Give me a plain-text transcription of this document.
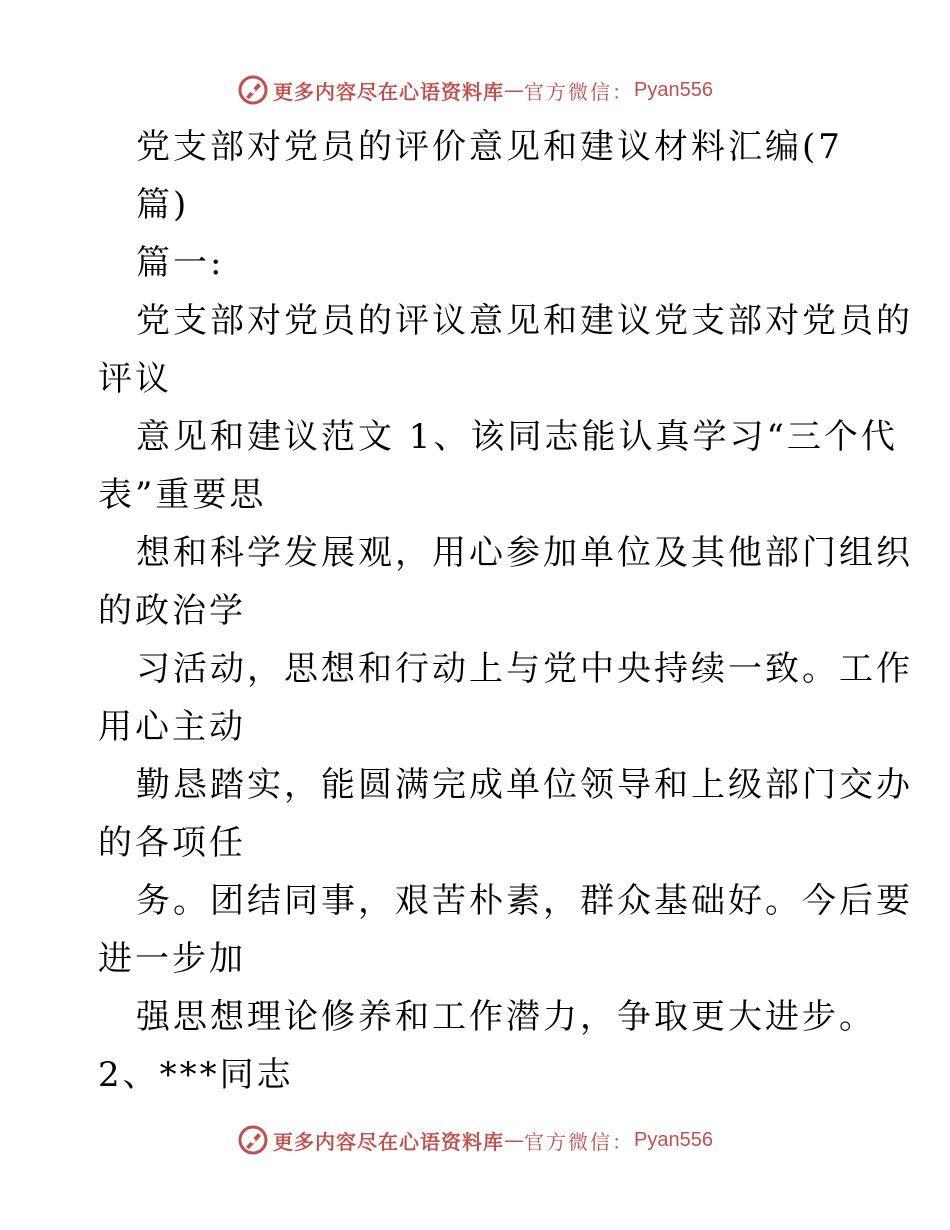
更多内容尽在心语资料库 — 官方微信： Pyan556
党支部对党员的评价意见和建议材料汇编(7
篇)
篇一:
党支部对党员的评议意见和建议党支部对党员的
评议
意见和建议范文 1、该同志能认真学习“三个代
表”重要思
想和科学发展观，用心参加单位及其他部门组织
的政治学
习活动，思想和行动上与党中央持续一致。工作
用心主动
勤恳踏实，能圆满完成单位领导和上级部门交办
的各项任
务。团结同事，艰苦朴素，群众基础好。今后要
进一步加
强思想理论修养和工作潜力，争取更大进步。
2、***同志
更多内容尽在心语资料库 — 官方微信： Pyan556
